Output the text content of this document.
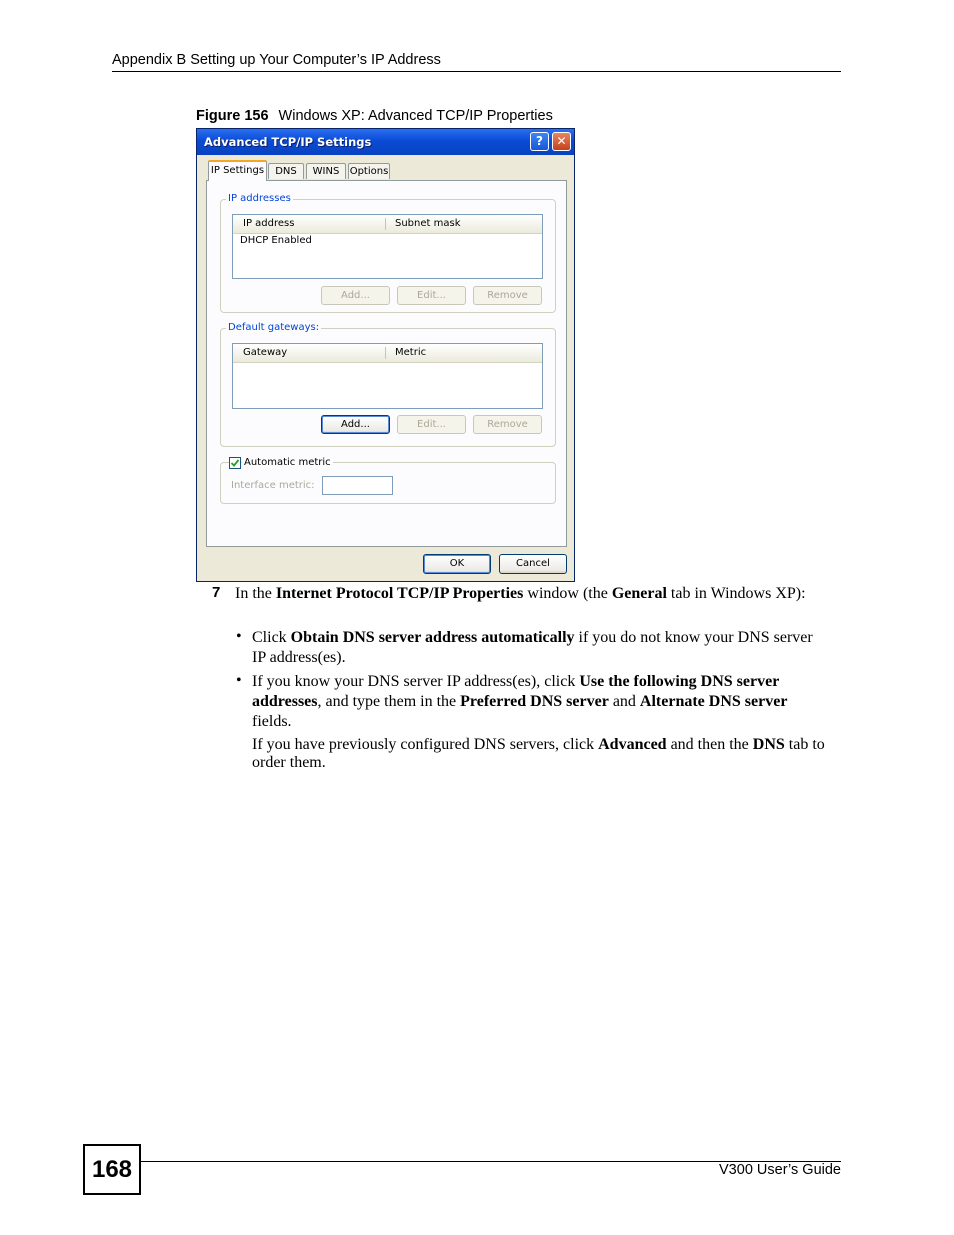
Appendix B Setting up Your Computer’s IP Address
Figure 156 Windows XP: Advanced TCP/IP Properties
Advanced TCP/IP Settings	?	✕
IP Settings	DNS	WINS	Options
IP addresses
IP address	Subnet mask
DHCP Enabled
Add...	Edit...	Remove
Default gateways:
Gateway	Metric
Add...	Edit...	Remove
Automatic metric
Interface metric:
OK	Cancel
7 In the Internet Protocol TCP/IP Properties window (the General tab in Windows XP):
• Click Obtain DNS server address automatically if you do not know your DNS server IP address(es).
• If you know your DNS server IP address(es), click Use the following DNS server addresses, and type them in the Preferred DNS server and Alternate DNS server fields.
If you have previously configured DNS servers, click Advanced and then the DNS tab to order them.
168	V300 User’s Guide
